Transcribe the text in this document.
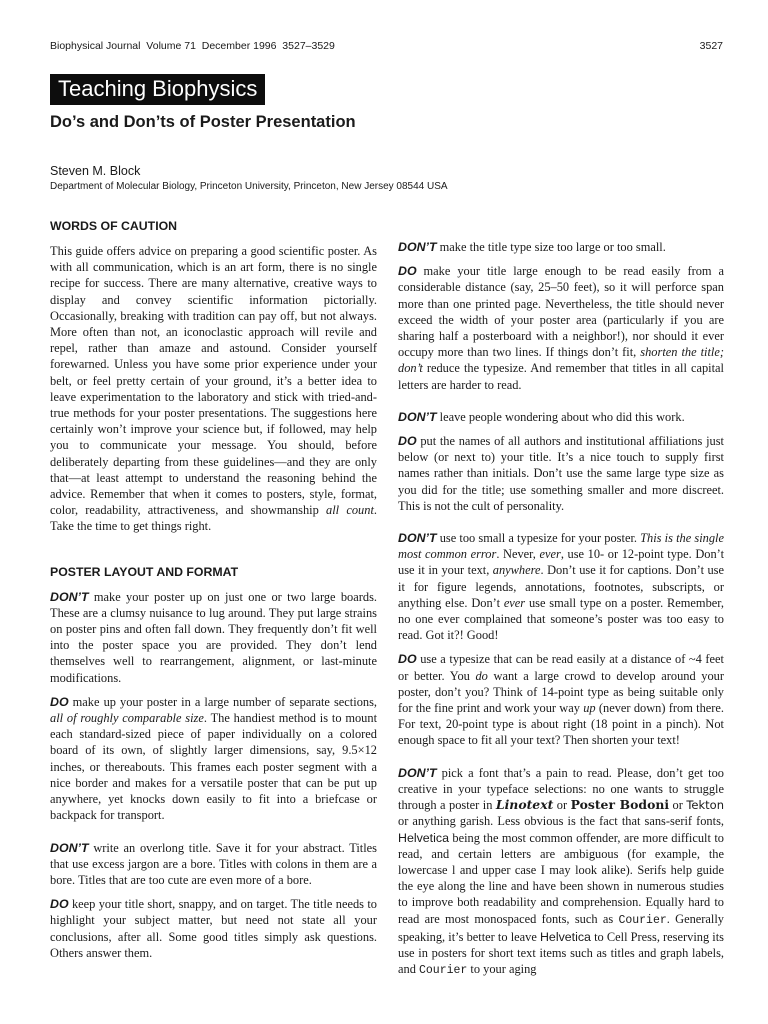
Biophysical Journal  Volume 71  December 1996  3527–3529	3527
Teaching Biophysics
Do’s and Don’ts of Poster Presentation
Steven M. Block
Department of Molecular Biology, Princeton University, Princeton, New Jersey 08544 USA
WORDS OF CAUTION

This guide offers advice on preparing a good scientific poster. As with all communication, which is an art form, there is no single recipe for success. There are many alternative, creative ways to display and convey scientific information pictorially. Occasionally, breaking with tradition can pay off, but not always. More often than not, an iconoclastic approach will revile and repel, rather than amaze and astound. Consider yourself forewarned. Unless you have some prior experience under your belt, or feel pretty certain of your ground, it’s a better idea to leave experimentation to the laboratory and stick with tried-and-true methods for your poster presentations. The suggestions here certainly won’t improve your science but, if followed, may help you to communicate your message. You should, before deliberately departing from these guidelines—and they are only that—at least attempt to understand the reasoning behind the advice. Remember that when it comes to posters, style, format, color, readability, attractiveness, and showmanship all count. Take the time to get things right.

POSTER LAYOUT AND FORMAT

DON’T make your poster up on just one or two large boards. These are a clumsy nuisance to lug around. They put large strains on poster pins and often fall down. They frequently don’t fit well into the poster space you are provided. They don’t lend themselves well to rearrangement, alignment, or last-minute modifications.

DO make up your poster in a large number of separate sections, all of roughly comparable size. The handiest method is to mount each standard-sized piece of paper individually on a colored board of its own, of slightly larger dimensions, say, 9.5×12 inches, or thereabouts. This frames each poster segment with a nice border and makes for a versatile poster that can be put up anywhere, yet knocks down easily to fit into a briefcase or backpack for transport.

DON’T write an overlong title. Save it for your abstract. Titles that use excess jargon are a bore. Titles with colons in them are a bore. Titles that are too cute are even more of a bore.

DO keep your title short, snappy, and on target. The title needs to highlight your subject matter, but need not state all your conclusions, after all. Some good titles simply ask questions. Others answer them.

DON’T make the title type size too large or too small.

DO make your title large enough to be read easily from a considerable distance (say, 25–50 feet), so it will perforce span more than one printed page. Nevertheless, the title should never exceed the width of your poster area (particularly if you are sharing half a posterboard with a neighbor!), nor should it ever occupy more than two lines. If things don’t fit, shorten the title; don’t reduce the typesize. And remember that titles in all capital letters are harder to read.

DON’T leave people wondering about who did this work.

DO put the names of all authors and institutional affiliations just below (or next to) your title. It’s a nice touch to supply first names rather than initials. Don’t use the same large type size as you did for the title; use something smaller and more discreet. This is not the cult of personality.

DON’T use too small a typesize for your poster. This is the single most common error. Never, ever, use 10- or 12-point type. Don’t use it in your text, anywhere. Don’t use it for captions. Don’t use it for figure legends, annotations, footnotes, subscripts, or anything else. Don’t ever use small type on a poster. Remember, no one ever complained that someone’s poster was too easy to read. Got it?! Good!

DO use a typesize that can be read easily at a distance of ~4 feet or better. You do want a large crowd to develop around your poster, don’t you? Think of 14-point type as being suitable only for the fine print and work your way up (never down) from there. For text, 20-point type is about right (18 point in a pinch). Not enough space to fit all your text? Then shorten your text!

DON’T pick a font that’s a pain to read. Please, don’t get too creative in your typeface selections: no one wants to struggle through a poster in Linotext or Poster Bodoni or Tekton or anything garish. Less obvious is the fact that sans-serif fonts, Helvetica being the most common offender, are more difficult to read, and certain letters are ambiguous (for example, the lowercase l and upper case I may look alike). Serifs help guide the eye along the line and have been shown in numerous studies to improve both readability and comprehension. Equally hard to read are most monospaced fonts, such as Courier. Generally speaking, it’s better to leave Helvetica to Cell Press, reserving its use in posters for short text items such as titles and graph labels, and Courier to your aging
